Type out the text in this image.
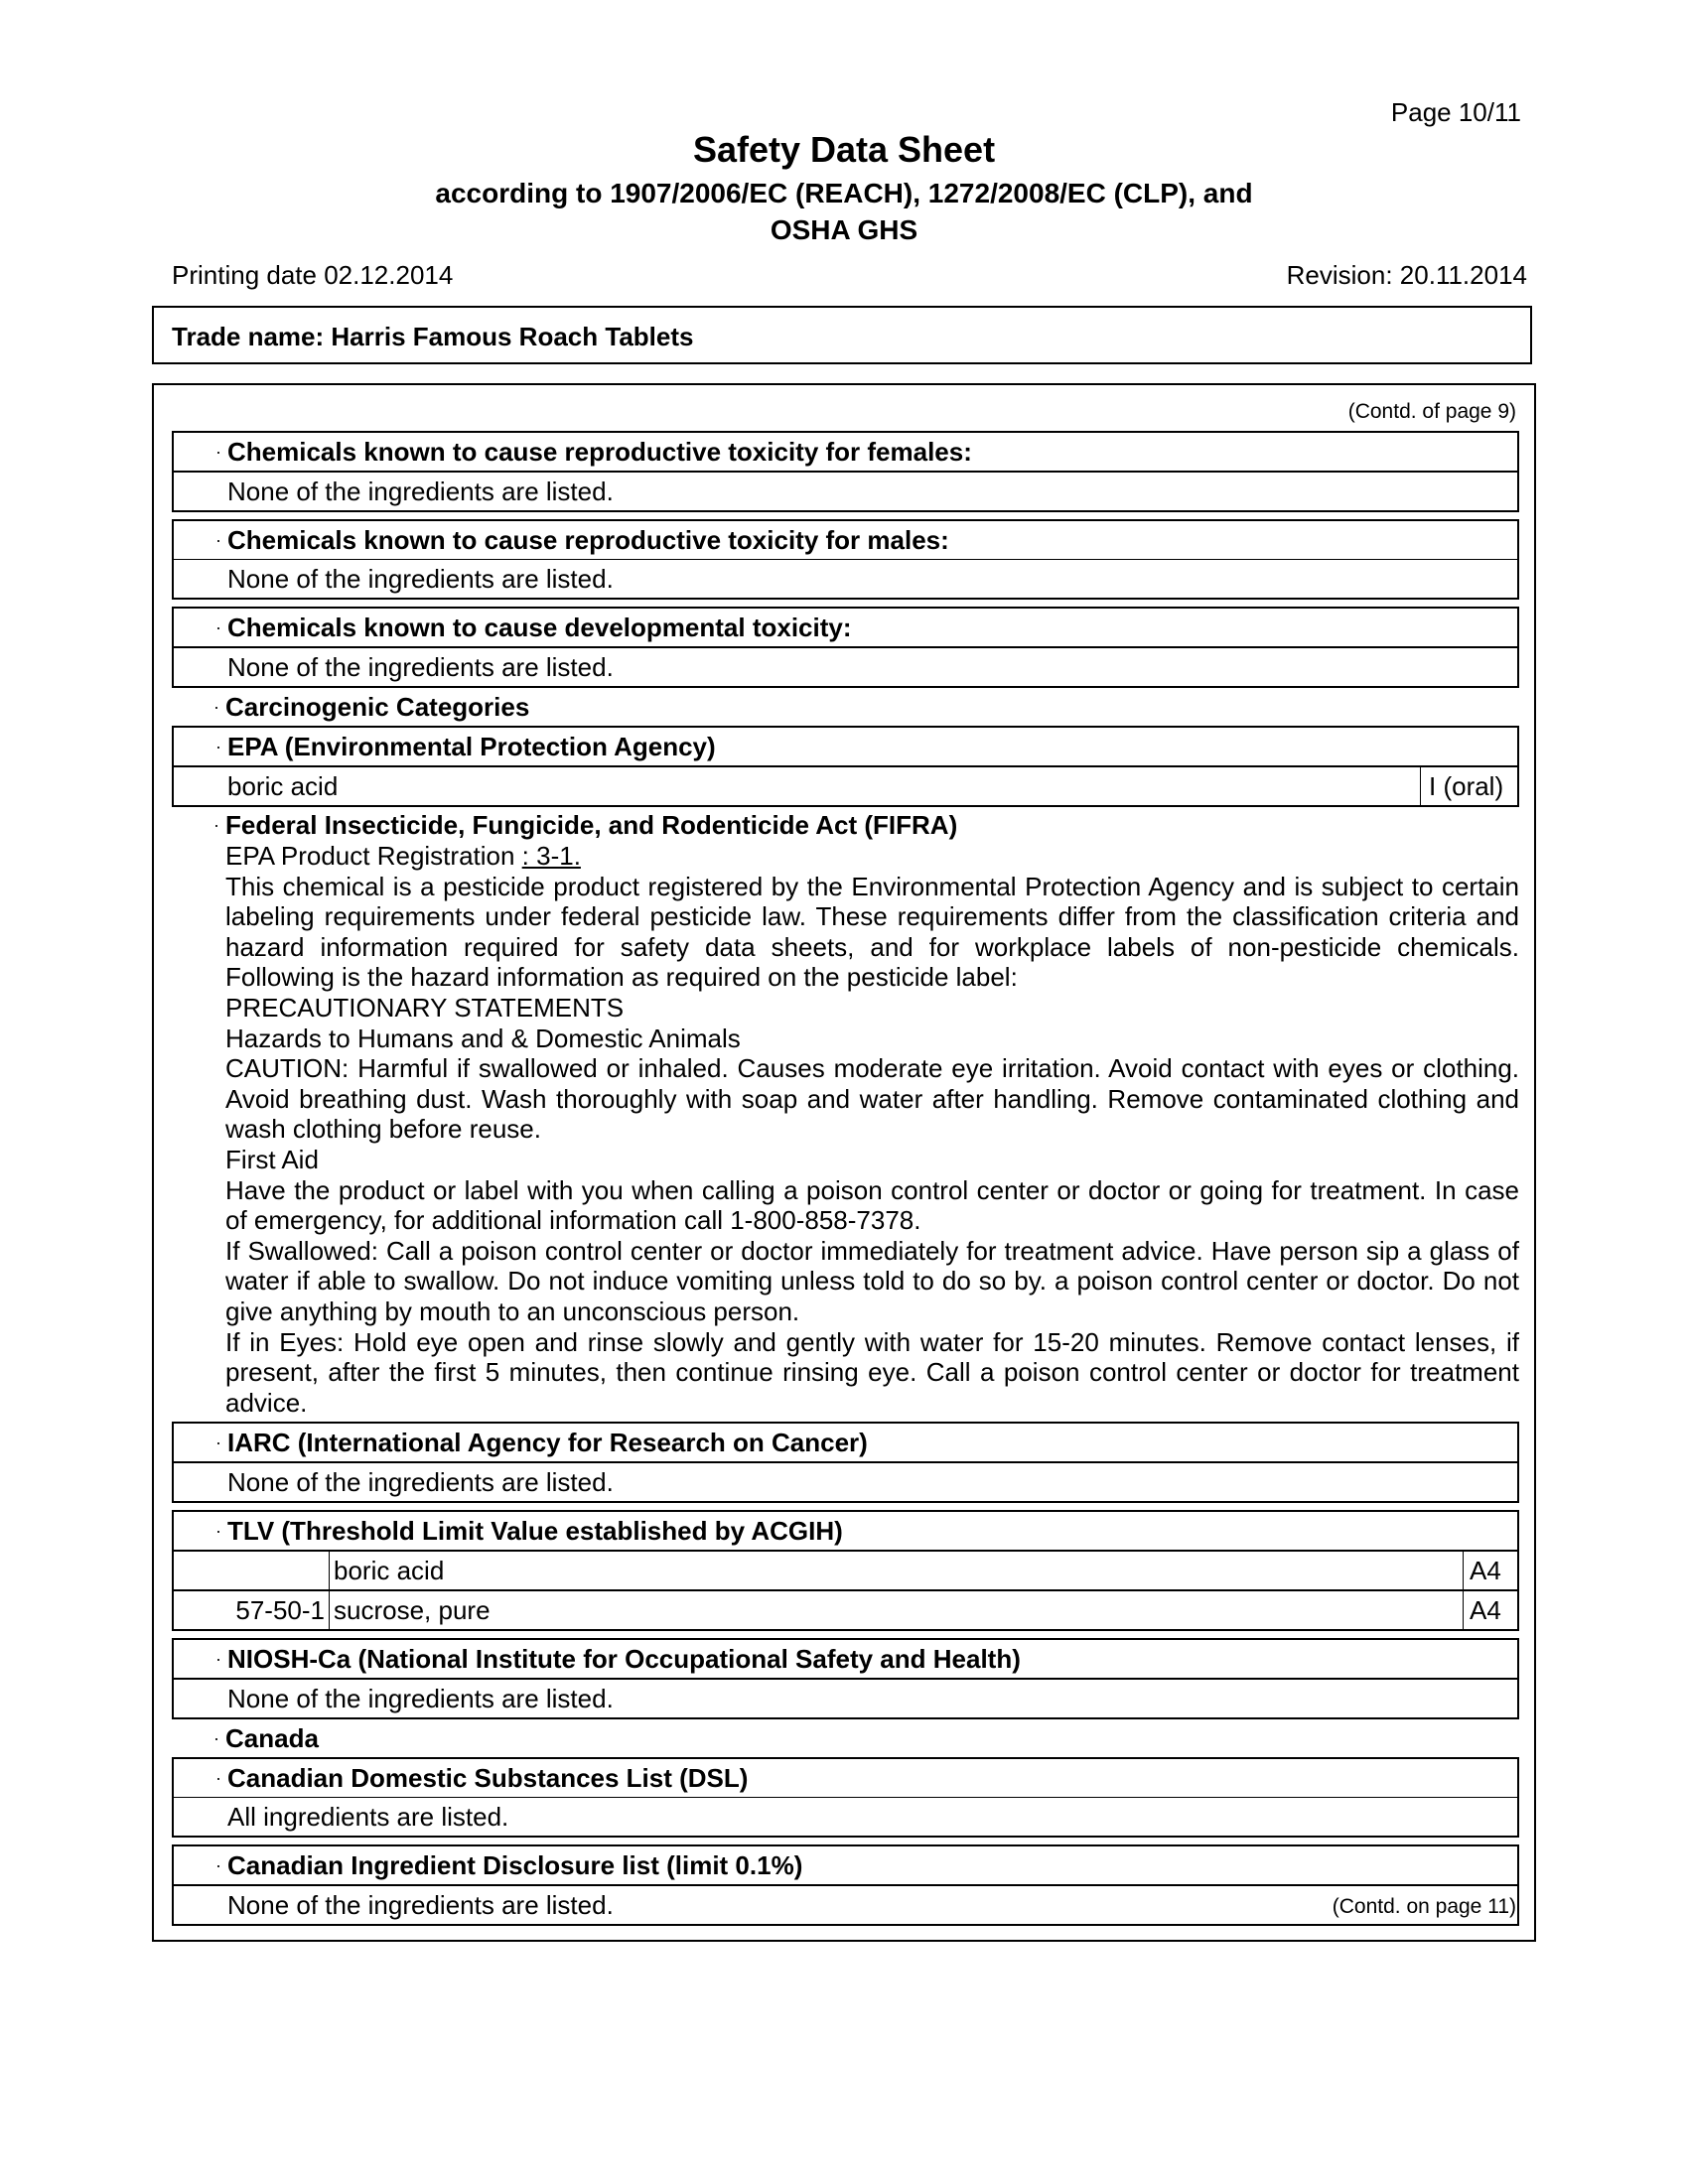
Page 10/11
Safety Data Sheet
according to 1907/2006/EC (REACH), 1272/2008/EC (CLP), and
OSHA GHS
Printing date 02.12.2014	Revision: 20.11.2014
Trade name: Harris Famous Roach Tablets
(Contd. of page 9)
· Chemicals known to cause reproductive toxicity for females:
None of the ingredients are listed.
· Chemicals known to cause reproductive toxicity for males:
None of the ingredients are listed.
· Chemicals known to cause developmental toxicity:
None of the ingredients are listed.
· Carcinogenic Categories
· EPA (Environmental Protection Agency)
boric acid	I (oral)
· Federal Insecticide, Fungicide, and Rodenticide Act (FIFRA)

EPA Product Registration : 3-1.

This chemical is a pesticide product registered by the Environmental Protection Agency and is subject to certain labeling requirements under federal pesticide law. These requirements differ from the classification criteria and hazard information required for safety data sheets, and for workplace labels of non-pesticide chemicals. Following is the hazard information as required on the pesticide label:

PRECAUTIONARY STATEMENTS

Hazards to Humans and & Domestic Animals

CAUTION: Harmful if swallowed or inhaled. Causes moderate eye irritation. Avoid contact with eyes or clothing. Avoid breathing dust. Wash thoroughly with soap and water after handling. Remove contaminated clothing and wash clothing before reuse.

First Aid

Have the product or label with you when calling a poison control center or doctor or going for treatment. In case of emergency, for additional information call 1-800-858-7378.

If Swallowed: Call a poison control center or doctor immediately for treatment advice. Have person sip a glass of water if able to swallow. Do not induce vomiting unless told to do so by. a poison control center or doctor. Do not give anything by mouth to an unconscious person.

If in Eyes: Hold eye open and rinse slowly and gently with water for 15-20 minutes. Remove contact lenses, if present, after the first 5 minutes, then continue rinsing eye. Call a poison control center or doctor for treatment advice.

· IARC (International Agency for Research on Cancer)
None of the ingredients are listed.
· TLV (Threshold Limit Value established by ACGIH)
boric acid	A4
57-50-1 sucrose, pure	A4
· NIOSH-Ca (National Institute for Occupational Safety and Health)
None of the ingredients are listed.
· Canada
· Canadian Domestic Substances List (DSL)
All ingredients are listed.
· Canadian Ingredient Disclosure list (limit 0.1%)
None of the ingredients are listed.	(Contd. on page 11)
